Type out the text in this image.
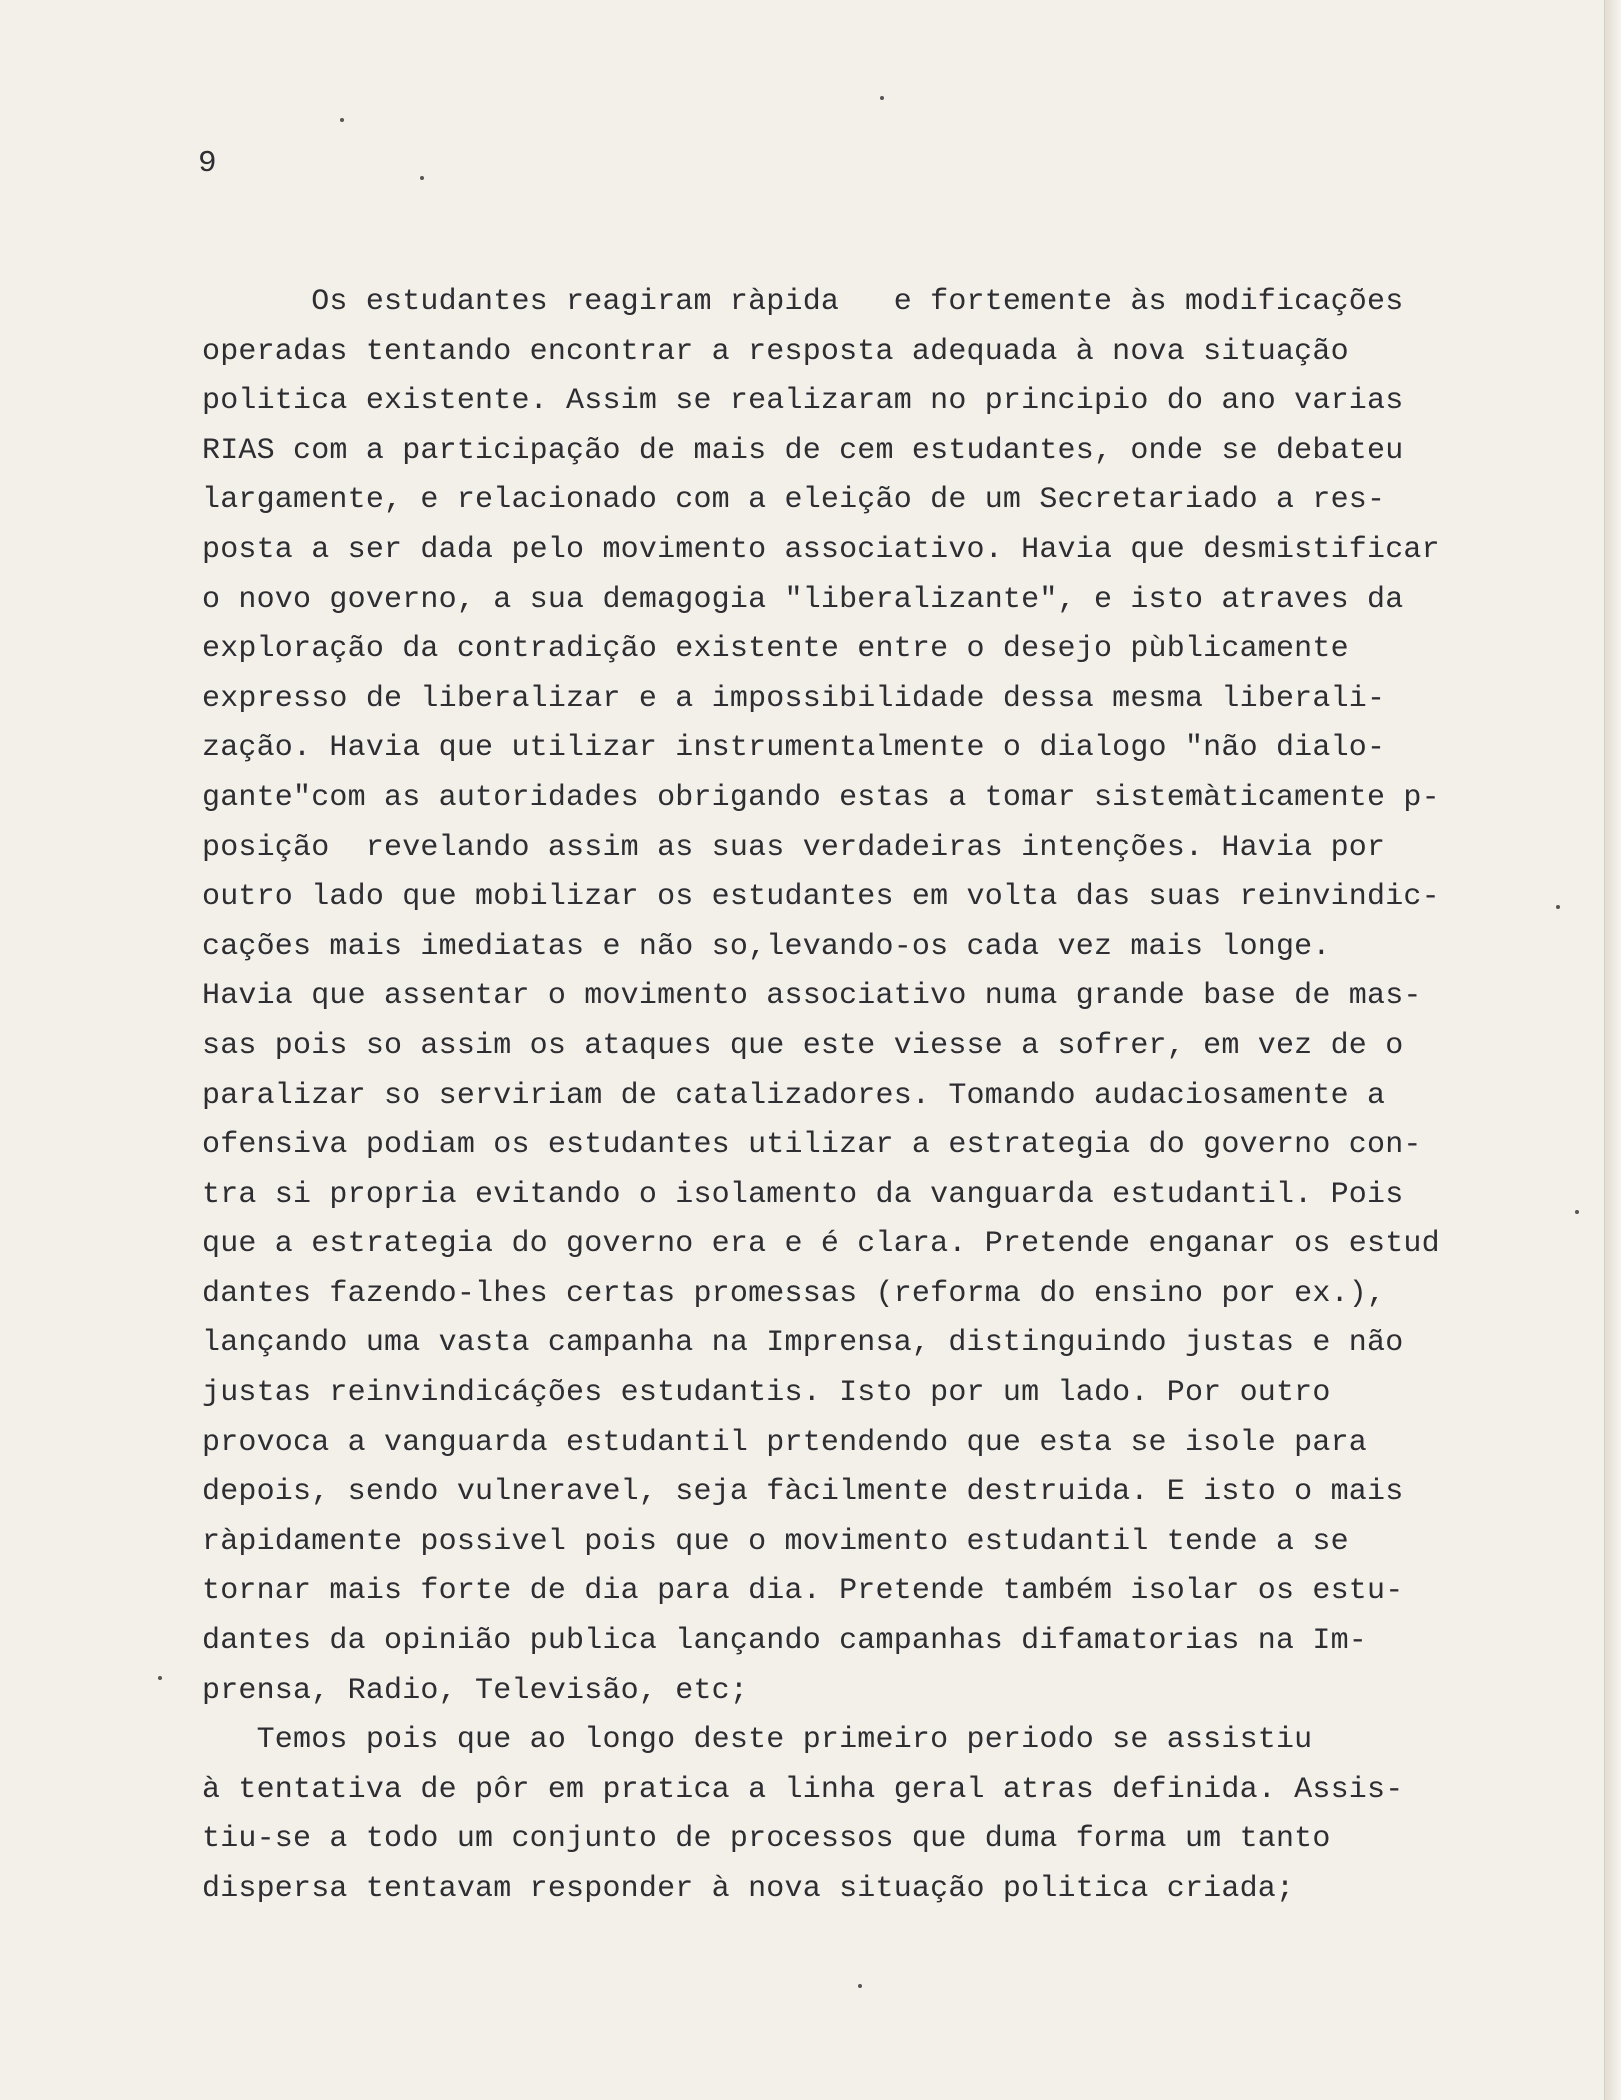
9
Os estudantes reagiram ràpida   e fortemente às modificações
operadas tentando encontrar a resposta adequada à nova situação
politica existente. Assim se realizaram no principio do ano varias
RIAS com a participação de mais de cem estudantes, onde se debateu
largamente, e relacionado com a eleição de um Secretariado a res-
posta a ser dada pelo movimento associativo. Havia que desmistificar
o novo governo, a sua demagogia "liberalizante", e isto atraves da
exploração da contradição existente entre o desejo pùblicamente
expresso de liberalizar e a impossibilidade dessa mesma liberali-
zação. Havia que utilizar instrumentalmente o dialogo "não dialo-
gante"com as autoridades obrigando estas a tomar sistemàticamente p-
posição  revelando assim as suas verdadeiras intenções. Havia por
outro lado que mobilizar os estudantes em volta das suas reinvindic-
cações mais imediatas e não so,levando-os cada vez mais longe.
Havia que assentar o movimento associativo numa grande base de mas-
sas pois so assim os ataques que este viesse a sofrer, em vez de o
paralizar so serviriam de catalizadores. Tomando audaciosamente a
ofensiva podiam os estudantes utilizar a estrategia do governo con-
tra si propria evitando o isolamento da vanguarda estudantil. Pois
que a estrategia do governo era e é clara. Pretende enganar os estud
dantes fazendo-lhes certas promessas (reforma do ensino por ex.),
lançando uma vasta campanha na Imprensa, distinguindo justas e não
justas reinvindicáções estudantis. Isto por um lado. Por outro
provoca a vanguarda estudantil prtendendo que esta se isole para
depois, sendo vulneravel, seja fàcilmente destruida. E isto o mais
ràpidamente possivel pois que o movimento estudantil tende a se
tornar mais forte de dia para dia. Pretende também isolar os estu-
dantes da opinião publica lançando campanhas difamatorias na Im-
prensa, Radio, Televisão, etc;
Temos pois que ao longo deste primeiro periodo se assistiu
à tentativa de pôr em pratica a linha geral atras definida. Assis-
tiu-se a todo um conjunto de processos que duma forma um tanto
dispersa tentavam responder à nova situação politica criada;
